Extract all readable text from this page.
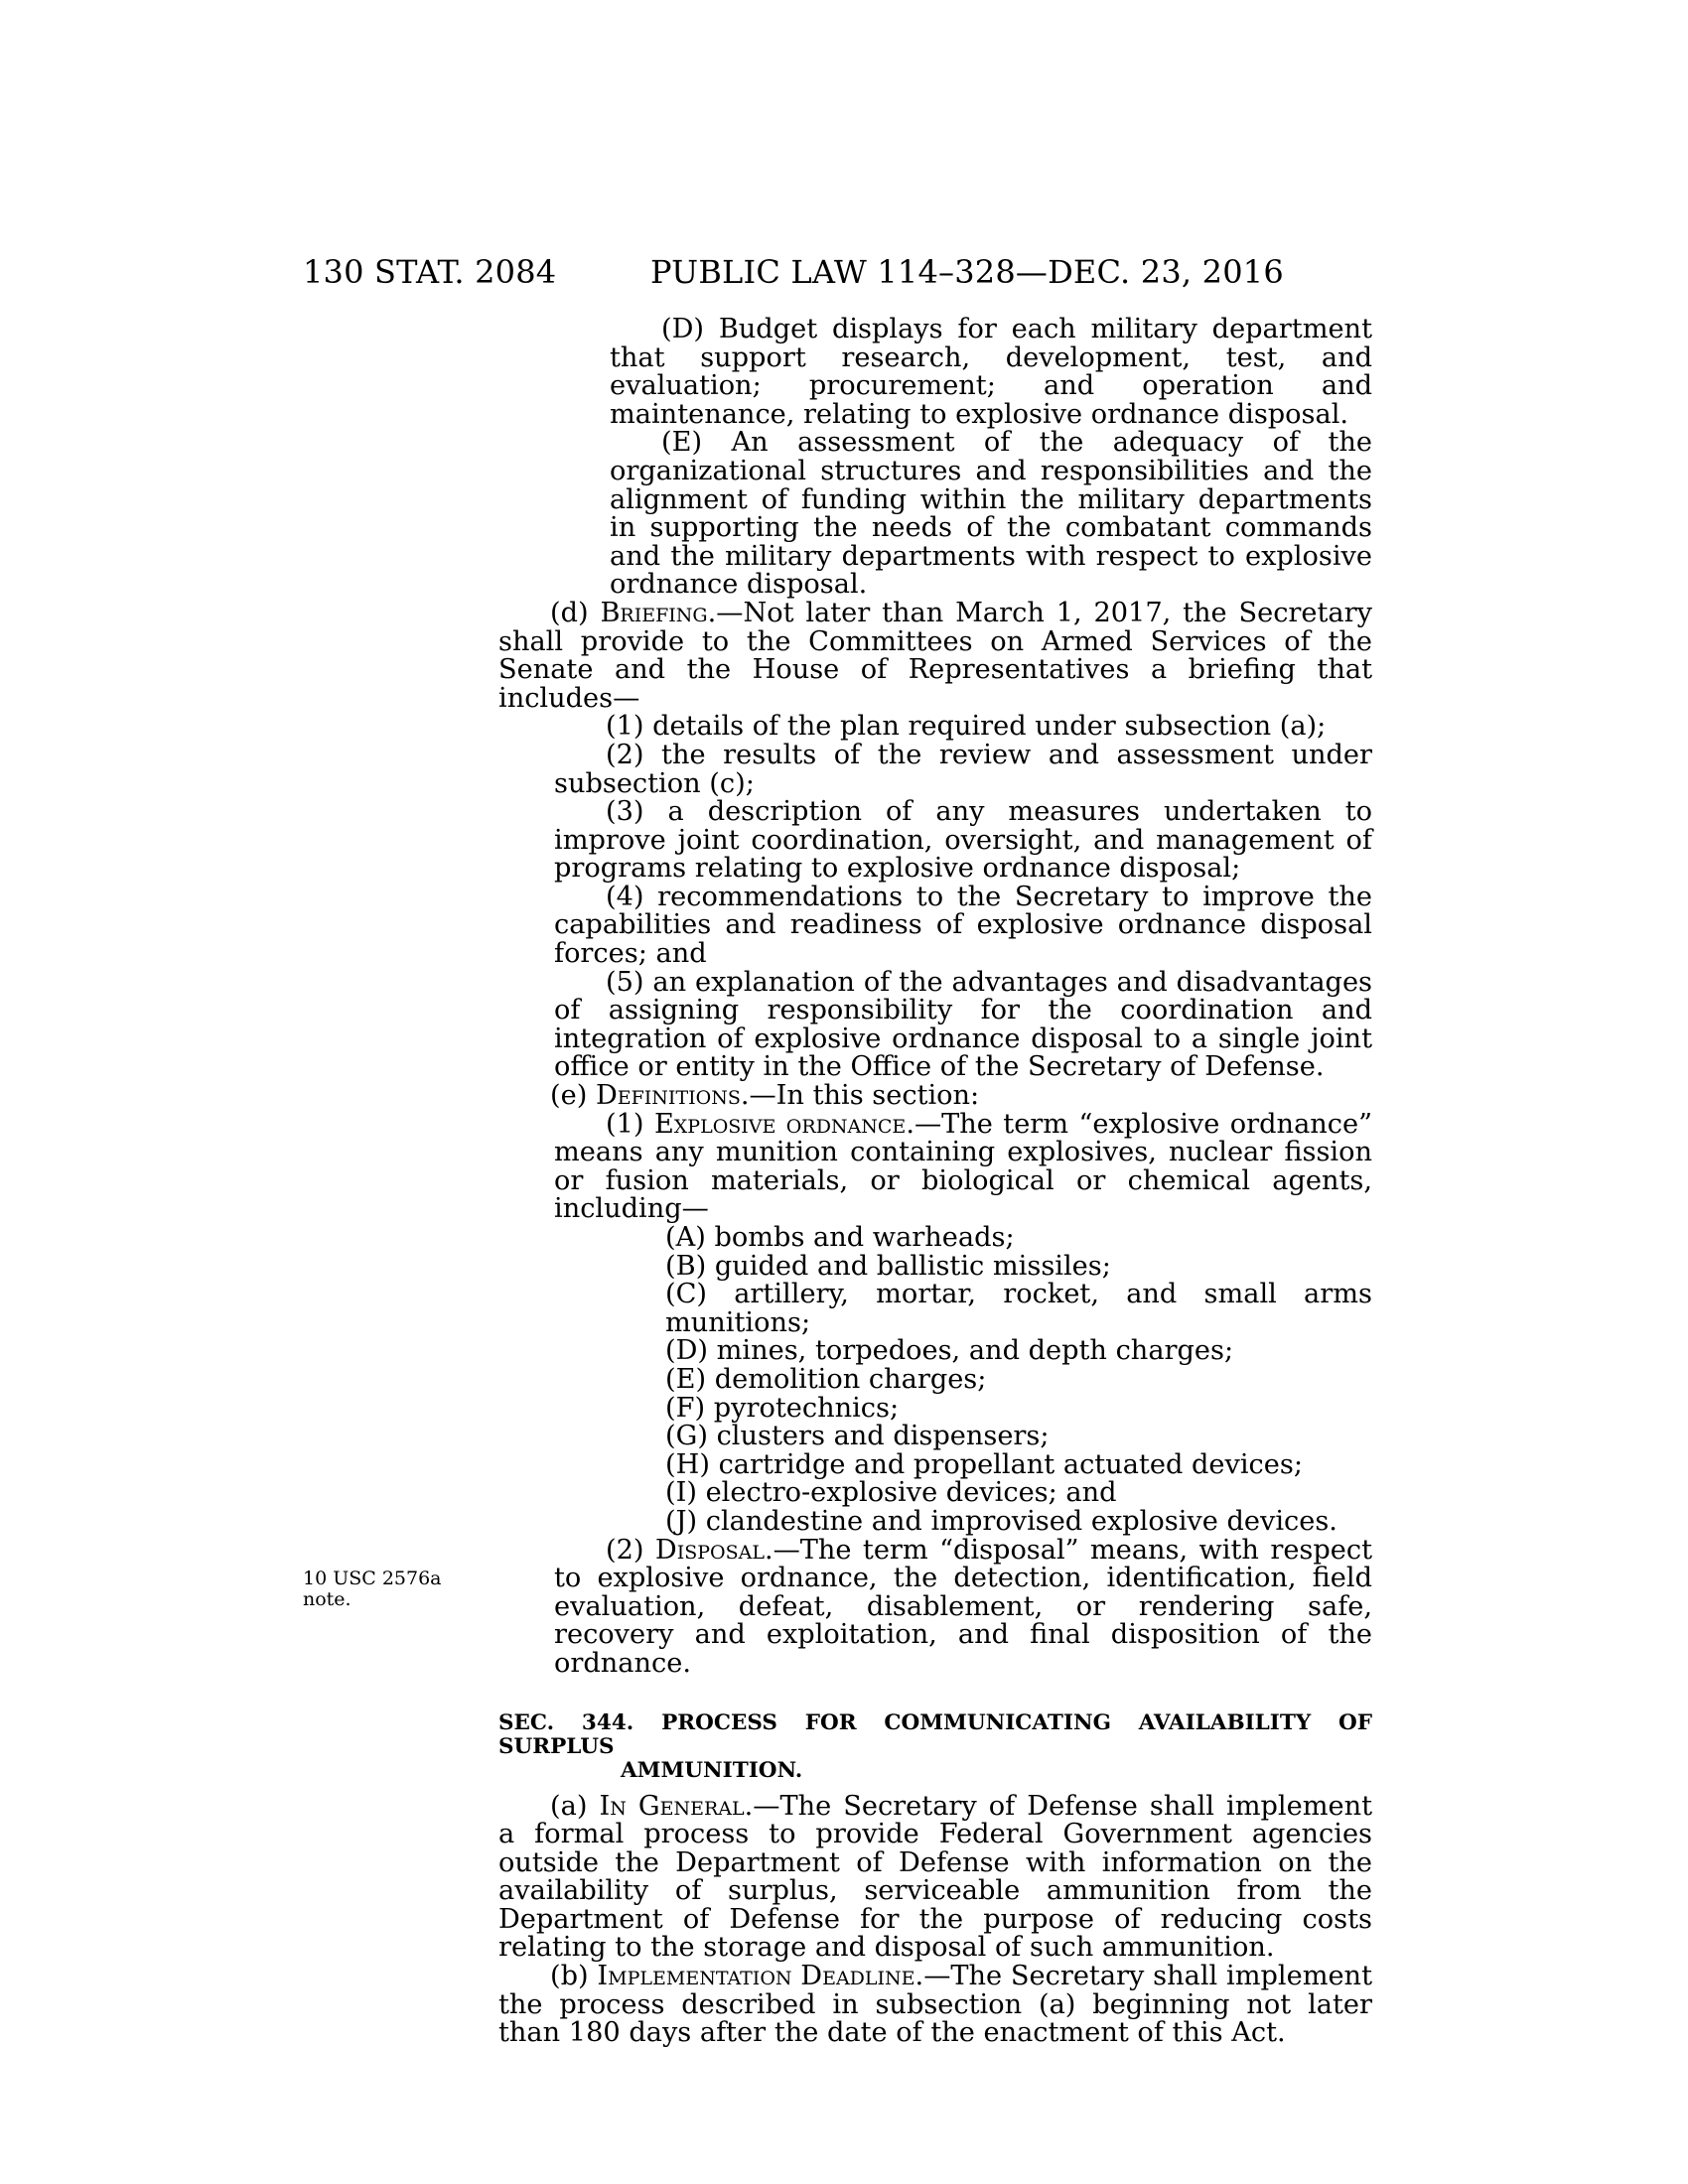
130 STAT. 2084	PUBLIC LAW 114–328—DEC. 23, 2016

(D) Budget displays for each military department that support research, development, test, and evaluation; procurement; and operation and maintenance, relating to explosive ordnance disposal.

(E) An assessment of the adequacy of the organizational structures and responsibilities and the alignment of funding within the military departments in supporting the needs of the combatant commands and the military departments with respect to explosive ordnance disposal.

(d) Briefing.—Not later than March 1, 2017, the Secretary shall provide to the Committees on Armed Services of the Senate and the House of Representatives a briefing that includes—

(1) details of the plan required under subsection (a);

(2) the results of the review and assessment under subsection (c);

(3) a description of any measures undertaken to improve joint coordination, oversight, and management of programs relating to explosive ordnance disposal;

(4) recommendations to the Secretary to improve the capabilities and readiness of explosive ordnance disposal forces; and

(5) an explanation of the advantages and disadvantages of assigning responsibility for the coordination and integration of explosive ordnance disposal to a single joint office or entity in the Office of the Secretary of Defense.

(e) Definitions.—In this section:

(1) Explosive ordnance.—The term “explosive ordnance” means any munition containing explosives, nuclear fission or fusion materials, or biological or chemical agents, including—

(A) bombs and warheads;

(B) guided and ballistic missiles;

(C) artillery, mortar, rocket, and small arms munitions;

(D) mines, torpedoes, and depth charges;

(E) demolition charges;

(F) pyrotechnics;

(G) clusters and dispensers;

(H) cartridge and propellant actuated devices;

(I) electro-explosive devices; and

(J) clandestine and improvised explosive devices.

(2) Disposal.—The term “disposal” means, with respect to explosive ordnance, the detection, identification, field evaluation, defeat, disablement, or rendering safe, recovery and exploitation, and final disposition of the ordnance.

SEC. 344. PROCESS FOR COMMUNICATING AVAILABILITY OF SURPLUS
AMMUNITION.

(a) In General.—The Secretary of Defense shall implement a formal process to provide Federal Government agencies outside the Department of Defense with information on the availability of surplus, serviceable ammunition from the Department of Defense for the purpose of reducing costs relating to the storage and disposal of such ammunition.

(b) Implementation Deadline.—The Secretary shall implement the process described in subsection (a) beginning not later than 180 days after the date of the enactment of this Act.

10 USC 2576a
note.
